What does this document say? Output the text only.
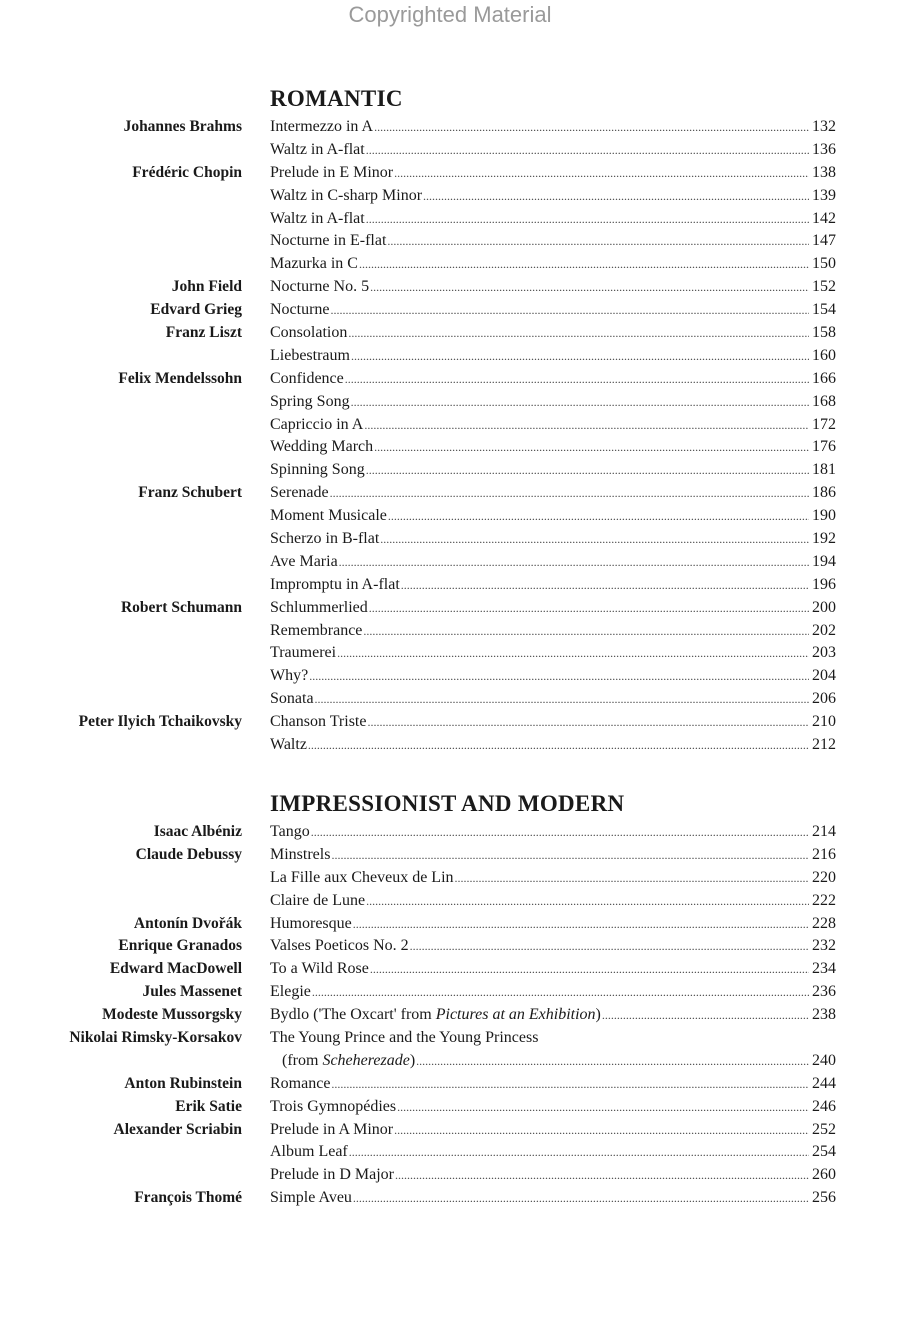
Copyrighted Material
ROMANTIC
Johannes Brahms	Intermezzo in A .....	132
Waltz in A-flat .....	136
Frédéric Chopin	Prelude in E Minor .....	138
Waltz in C-sharp Minor .....	139
Waltz in A-flat .....	142
Nocturne in E-flat .....	147
Mazurka in C .....	150
John Field	Nocturne No. 5 .....	152
Edvard Grieg	Nocturne .....	154
Franz Liszt	Consolation .....	158
Liebestraum .....	160
Felix Mendelssohn	Confidence .....	166
Spring Song .....	168
Capriccio in A .....	172
Wedding March .....	176
Spinning Song .....	181
Franz Schubert	Serenade .....	186
Moment Musicale .....	190
Scherzo in B-flat .....	192
Ave Maria .....	194
Impromptu in A-flat .....	196
Robert Schumann	Schlummerlied .....	200
Remembrance .....	202
Traumerei .....	203
Why? .....	204
Sonata .....	206
Peter Ilyich Tchaikovsky	Chanson Triste .....	210
Waltz .....	212
IMPRESSIONIST AND MODERN
Isaac Albéniz	Tango .....	214
Claude Debussy	Minstrels .....	216
La Fille aux Cheveux de Lin .....	220
Claire de Lune .....	222
Antonín Dvořák	Humoresque .....	228
Enrique Granados	Valses Poeticos No. 2 .....	232
Edward MacDowell	To a Wild Rose .....	234
Jules Massenet	Elegie .....	236
Modeste Mussorgsky	Bydlo ('The Oxcart' from Pictures at an Exhibition) .....	238
Nikolai Rimsky-Korsakov	The Young Prince and the Young Princess
(from Scheherezade) .....	240
Anton Rubinstein	Romance .....	244
Erik Satie	Trois Gymnopédies .....	246
Alexander Scriabin	Prelude in A Minor .....	252
Album Leaf .....	254
Prelude in D Major .....	260
François Thomé	Simple Aveu .....	256
